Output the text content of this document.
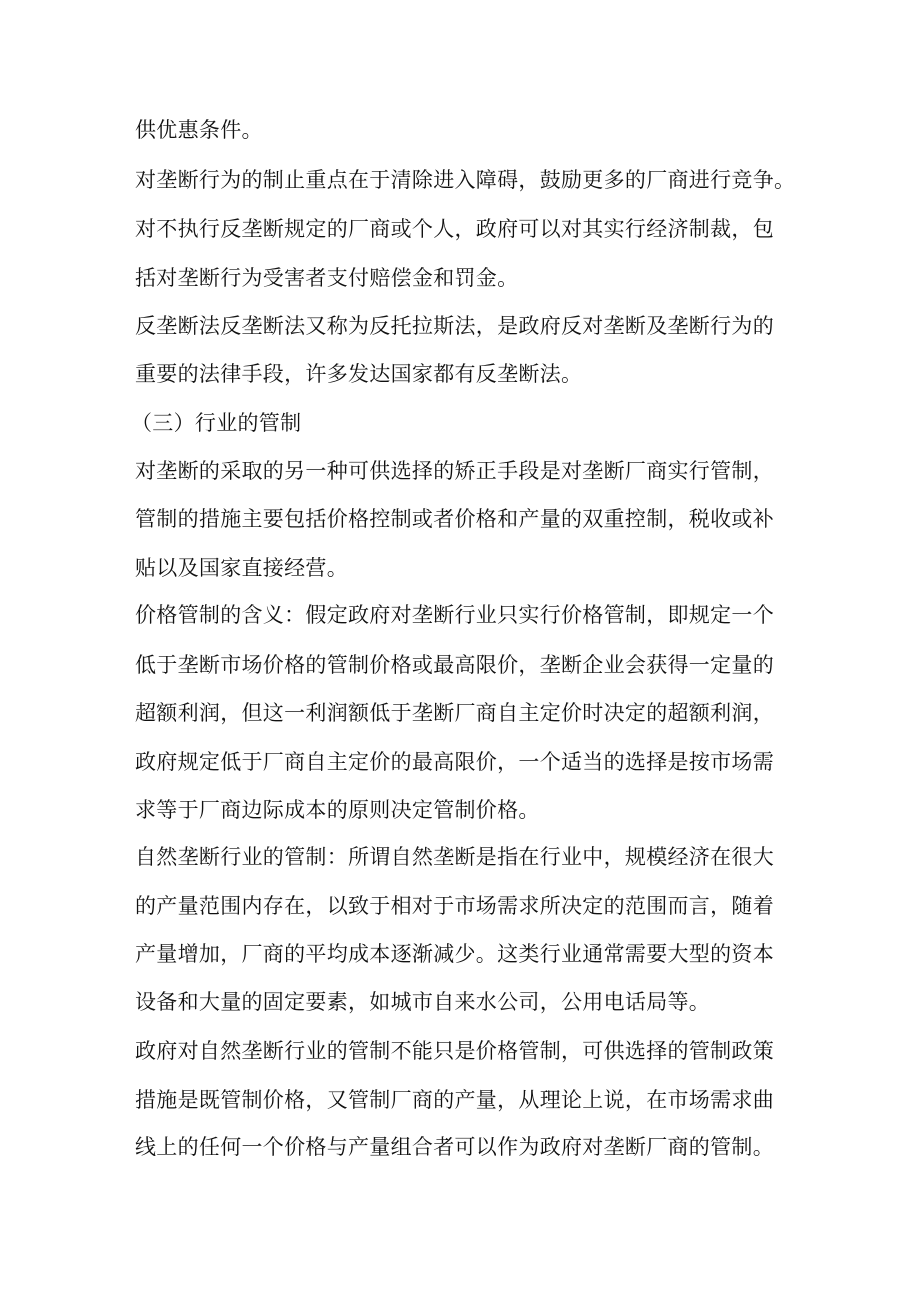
供优惠条件。
对垄断行为的制止重点在于清除进入障碍，鼓励更多的厂商进行竞争。
对不执行反垄断规定的厂商或个人，政府可以对其实行经济制裁，包
括对垄断行为受害者支付赔偿金和罚金。
反垄断法反垄断法又称为反托拉斯法，是政府反对垄断及垄断行为的
重要的法律手段，许多发达国家都有反垄断法。
（三）行业的管制
对垄断的采取的另一种可供选择的矫正手段是对垄断厂商实行管制，
管制的措施主要包括价格控制或者价格和产量的双重控制，税收或补
贴以及国家直接经营。
价格管制的含义：假定政府对垄断行业只实行价格管制，即规定一个
低于垄断市场价格的管制价格或最高限价，垄断企业会获得一定量的
超额利润，但这一利润额低于垄断厂商自主定价时决定的超额利润，
政府规定低于厂商自主定价的最高限价，一个适当的选择是按市场需
求等于厂商边际成本的原则决定管制价格。
自然垄断行业的管制：所谓自然垄断是指在行业中，规模经济在很大
的产量范围内存在，以致于相对于市场需求所决定的范围而言，随着
产量增加，厂商的平均成本逐渐减少。这类行业通常需要大型的资本
设备和大量的固定要素，如城市自来水公司，公用电话局等。
政府对自然垄断行业的管制不能只是价格管制，可供选择的管制政策
措施是既管制价格，又管制厂商的产量，从理论上说，在市场需求曲
线上的任何一个价格与产量组合者可以作为政府对垄断厂商的管制。
